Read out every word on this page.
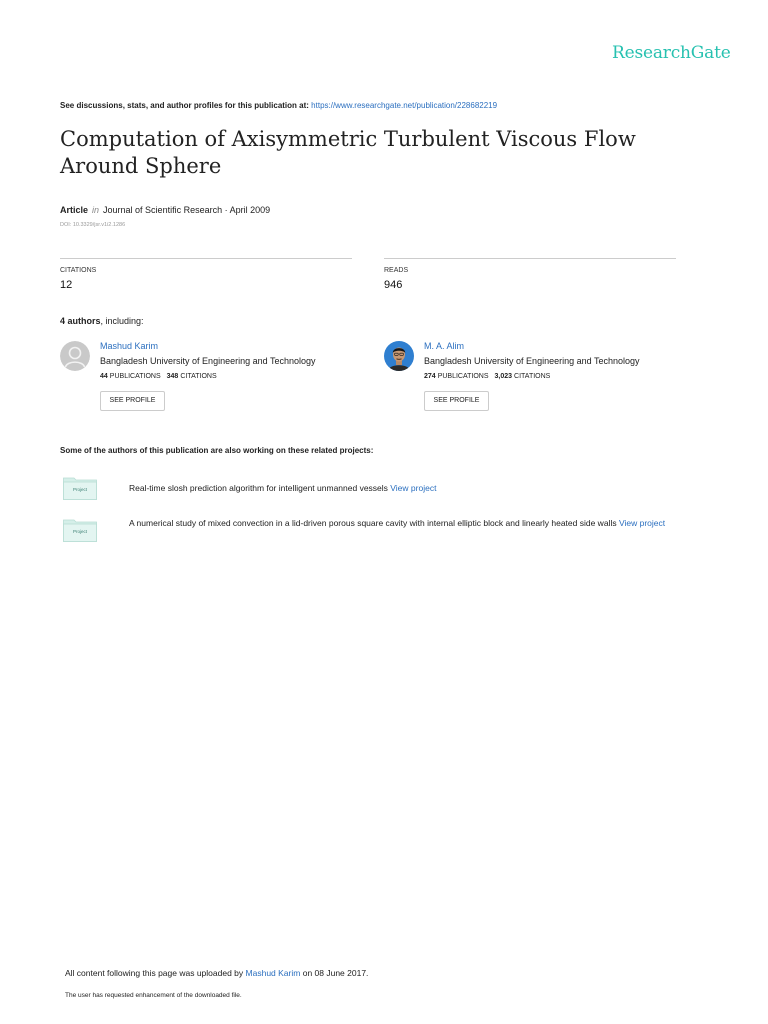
ResearchGate
See discussions, stats, and author profiles for this publication at: https://www.researchgate.net/publication/228682219
Computation of Axisymmetric Turbulent Viscous Flow Around Sphere
Article in Journal of Scientific Research · April 2009
DOI: 10.3329/jsr.v1i2.1286
CITATIONS
12
READS
946
4 authors, including:
Mashud Karim
Bangladesh University of Engineering and Technology
44 PUBLICATIONS 348 CITATIONS
SEE PROFILE
M. A. Alim
Bangladesh University of Engineering and Technology
274 PUBLICATIONS 3,023 CITATIONS
SEE PROFILE
Some of the authors of this publication are also working on these related projects:
Project	Real-time slosh prediction algorithm for intelligent unmanned vessels View project
Project
A numerical study of mixed convection in a lid-driven porous square cavity with internal elliptic block and linearly heated side walls View project
All content following this page was uploaded by Mashud Karim on 08 June 2017.
The user has requested enhancement of the downloaded file.
